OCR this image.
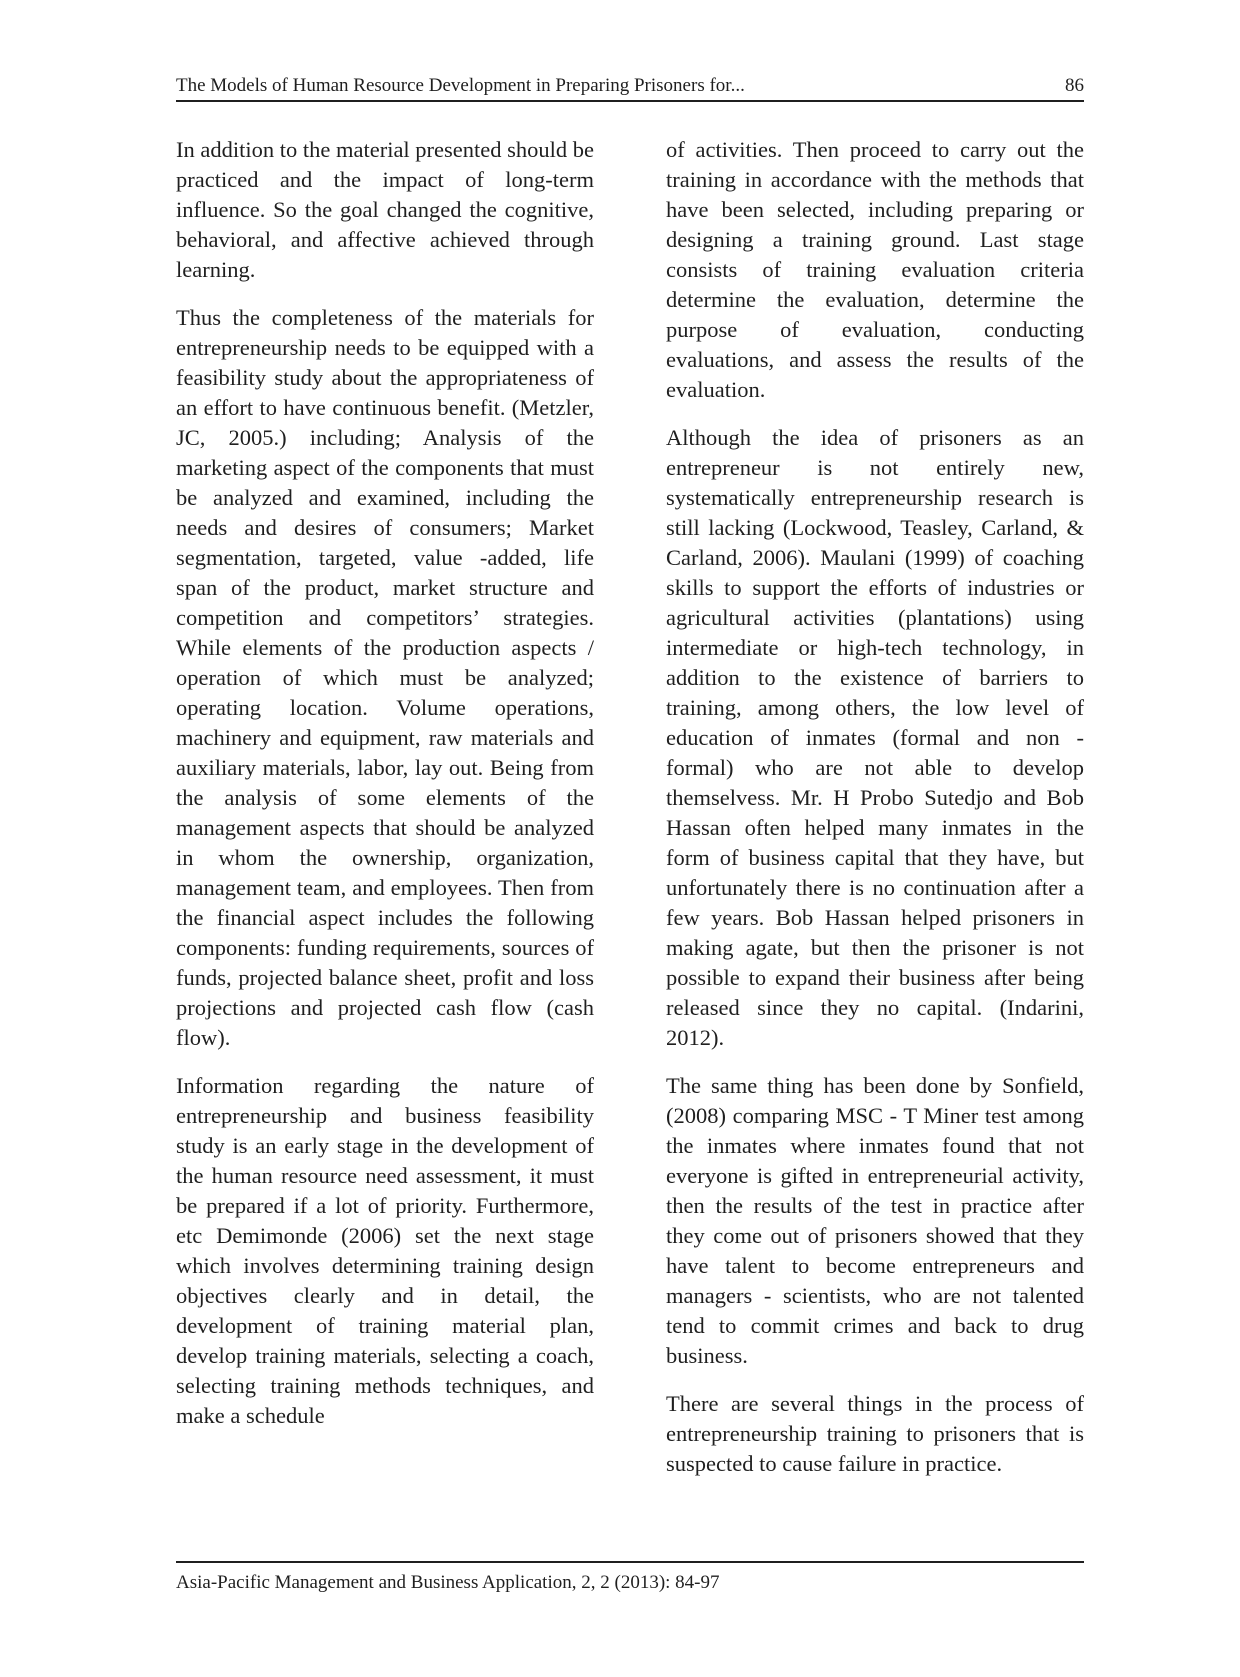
The Models of Human Resource Development in Preparing Prisoners for...	86

In addition to the material presented should be practiced and the impact of long-term influence. So the goal changed the cognitive, behavioral, and affective achieved through learning.

Thus the completeness of the materials for entrepreneurship needs to be equipped with a feasibility study about the appropriateness of an effort to have continuous benefit. (Metzler, JC, 2005.) including; Analysis of the marketing aspect of the components that must be analyzed and examined, including the needs and desires of consumers; Market segmentation, targeted, value -added, life span of the product, market structure and competition and competitors’ strategies. While elements of the production aspects / operation of which must be analyzed; operating location. Volume operations, machinery and equipment, raw materials and auxiliary materials, labor, lay out. Being from the analysis of some elements of the management aspects that should be analyzed in whom the ownership, organization, management team, and employees. Then from the financial aspect includes the following components: funding requirements, sources of funds, projected balance sheet, profit and loss projections and projected cash flow (cash flow).

Information regarding the nature of entrepreneurship and business feasibility study is an early stage in the development of the human resource need assessment, it must be prepared if a lot of priority. Furthermore, etc Demimonde (2006) set the next stage which involves determining training design objectives clearly and in detail, the development of training material plan, develop training materials, selecting a coach, selecting training methods techniques, and make a schedule

of activities. Then proceed to carry out the training in accordance with the methods that have been selected, including preparing or designing a training ground. Last stage consists of training evaluation criteria determine the evaluation, determine the purpose of evaluation, conducting evaluations, and assess the results of the evaluation.

Although the idea of prisoners as an entrepreneur is not entirely new, systematically entrepreneurship research is still lacking (Lockwood, Teasley, Carland, & Carland, 2006). Maulani (1999) of coaching skills to support the efforts of industries or agricultural activities (plantations) using intermediate or high-tech technology, in addition to the existence of barriers to training, among others, the low level of education of inmates (formal and non - formal) who are not able to develop themselvess. Mr. H Probo Sutedjo and Bob Hassan often helped many inmates in the form of business capital that they have, but unfortunately there is no continuation after a few years. Bob Hassan helped prisoners in making agate, but then the prisoner is not possible to expand their business after being released since they no capital. (Indarini, 2012).

The same thing has been done by Sonfield, (2008) comparing MSC - T Miner test among the inmates where inmates found that not everyone is gifted in entrepreneurial activity, then the results of the test in practice after they come out of prisoners showed that they have talent to become entrepreneurs and managers - scientists, who are not talented tend to commit crimes and back to drug business.

There are several things in the process of entrepreneurship training to prisoners that is suspected to cause failure in practice.

Asia-Pacific Management and Business Application, 2, 2 (2013): 84-97
